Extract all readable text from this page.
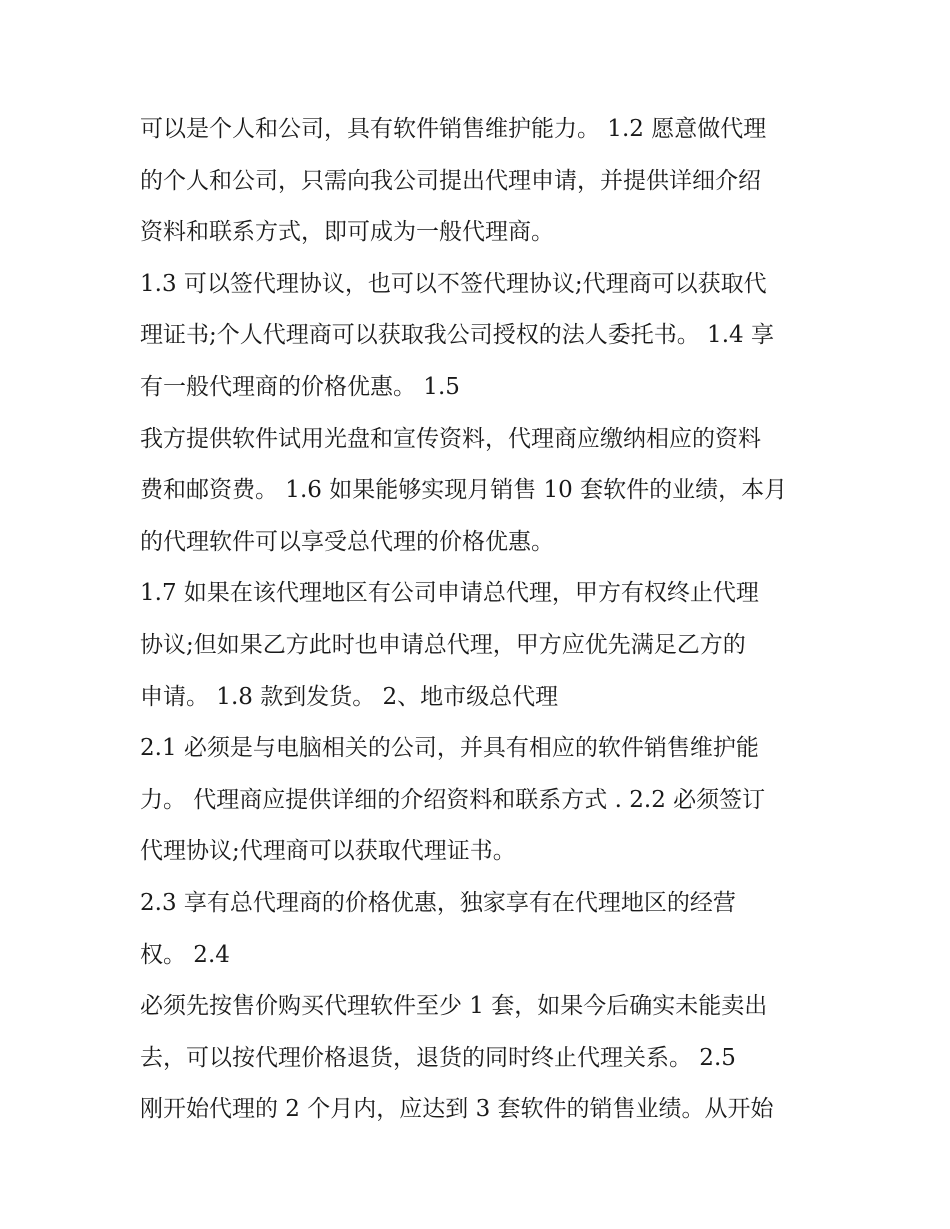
可以是个人和公司，具有软件销售维护能力。 1.2 愿意做代理
的个人和公司，只需向我公司提出代理申请，并提供详细介绍
资料和联系方式，即可成为一般代理商。
1.3 可以签代理协议，也可以不签代理协议;代理商可以获取代
理证书;个人代理商可以获取我公司授权的法人委托书。 1.4 享
有一般代理商的价格优惠。 1.5
我方提供软件试用光盘和宣传资料，代理商应缴纳相应的资料
费和邮资费。 1.6 如果能够实现月销售 10 套软件的业绩，本月
的代理软件可以享受总代理的价格优惠。
1.7 如果在该代理地区有公司申请总代理，甲方有权终止代理
协议;但如果乙方此时也申请总代理，甲方应优先满足乙方的
申请。 1.8 款到发货。 2、地市级总代理
2.1 必须是与电脑相关的公司，并具有相应的软件销售维护能
力。 代理商应提供详细的介绍资料和联系方式 . 2.2 必须签订
代理协议;代理商可以获取代理证书。
2.3 享有总代理商的价格优惠，独家享有在代理地区的经营
权。 2.4
必须先按售价购买代理软件至少 1 套，如果今后确实未能卖出
去，可以按代理价格退货，退货的同时终止代理关系。 2.5
刚开始代理的 2 个月内，应达到 3 套软件的销售业绩。从开始
